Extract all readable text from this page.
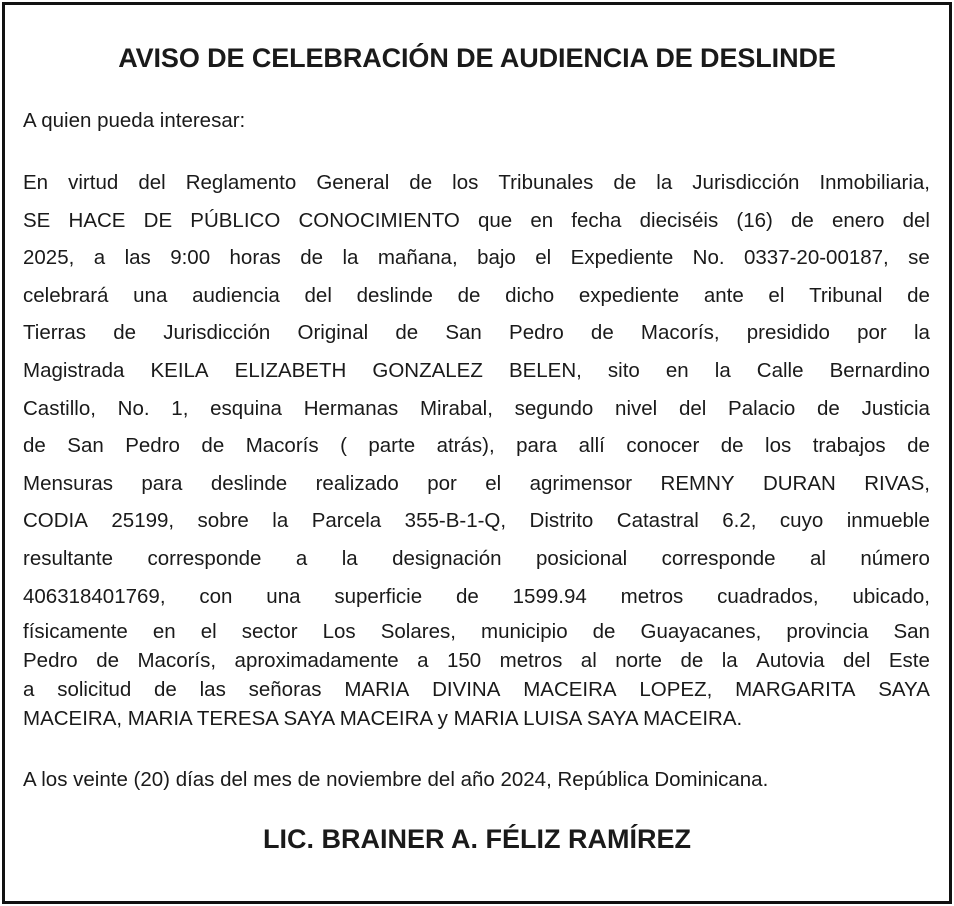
AVISO DE CELEBRACIÓN DE AUDIENCIA DE DESLINDE
A quien pueda interesar:
En virtud del Reglamento General de los Tribunales de la Jurisdicción Inmobiliaria,
SE HACE DE PÚBLICO CONOCIMIENTO que en fecha dieciséis (16) de enero del
2025, a las 9:00 horas de la mañana, bajo el Expediente No. 0337-20-00187, se
celebrará una audiencia del deslinde de dicho expediente ante el Tribunal de
Tierras de Jurisdicción Original de San Pedro de Macorís, presidido por la
Magistrada KEILA ELIZABETH GONZALEZ BELEN, sito en la Calle Bernardino
Castillo, No. 1, esquina Hermanas Mirabal, segundo nivel del Palacio de Justicia
de San Pedro de Macorís ( parte atrás), para allí conocer de los trabajos de
Mensuras para deslinde realizado por el agrimensor REMNY DURAN RIVAS,
CODIA 25199, sobre la Parcela 355-B-1-Q, Distrito Catastral 6.2, cuyo inmueble
resultante corresponde a la designación posicional corresponde al número
406318401769, con una superficie de 1599.94 metros cuadrados, ubicado,
físicamente en el sector Los Solares, municipio de Guayacanes, provincia San
Pedro de Macorís, aproximadamente a 150 metros al norte de la Autovia del Este
a solicitud de las señoras MARIA DIVINA MACEIRA LOPEZ, MARGARITA SAYA
MACEIRA, MARIA TERESA SAYA MACEIRA y MARIA LUISA SAYA MACEIRA.
A los veinte (20) días del mes de noviembre del año 2024, República Dominicana.
LIC. BRAINER A. FÉLIZ RAMÍREZ
